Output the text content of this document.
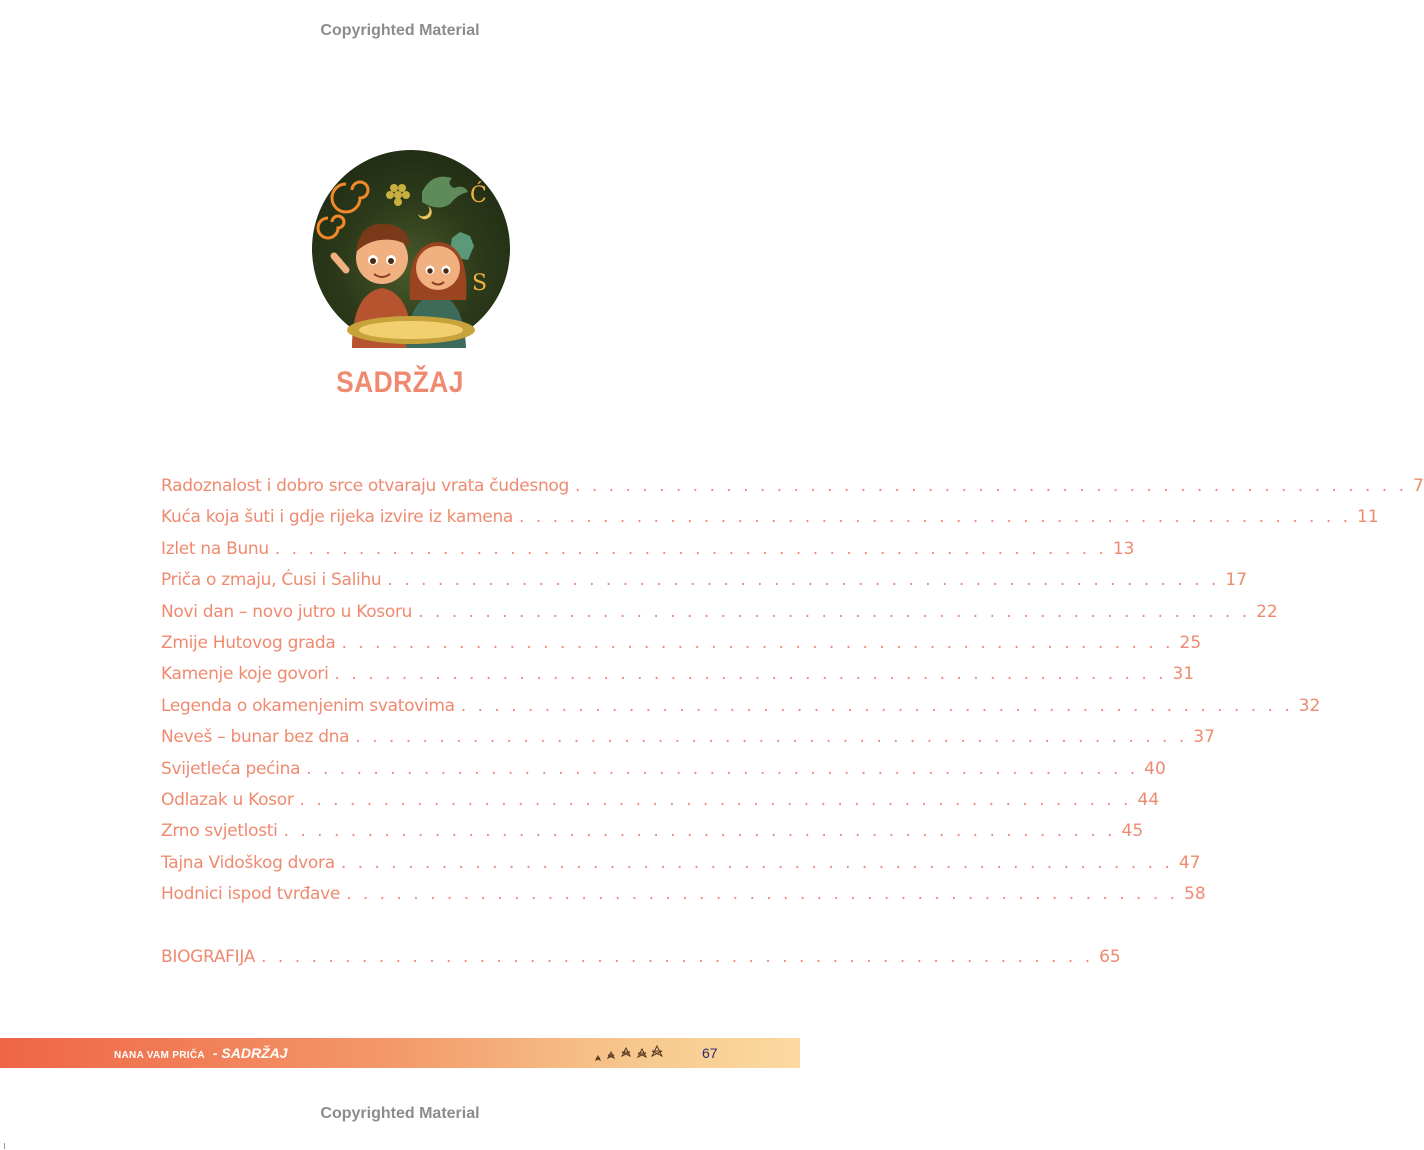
Copyrighted Material
Ć
S
SADRŽAJ
Radoznalost i dobro srce otvaraju vrata čudesnog . . . . . . . . . . . . . . . . . . . . . . . . . . . . . . . . . . . . . . . . . . . . . . . . . . 7
Kuća koja šuti i gdje rijeka izvire iz kamena . . . . . . . . . . . . . . . . . . . . . . . . . . . . . . . . . . . . . . . . . . . . . . . . . . 11
Izlet na Bunu . . . . . . . . . . . . . . . . . . . . . . . . . . . . . . . . . . . . . . . . . . . . . . . . . . 13
Priča o zmaju, Ćusi i Salihu . . . . . . . . . . . . . . . . . . . . . . . . . . . . . . . . . . . . . . . . . . . . . . . . . . 17
Novi dan – novo jutro u Kosoru . . . . . . . . . . . . . . . . . . . . . . . . . . . . . . . . . . . . . . . . . . . . . . . . . . 22
Zmije Hutovog grada . . . . . . . . . . . . . . . . . . . . . . . . . . . . . . . . . . . . . . . . . . . . . . . . . . 25
Kamenje koje govori . . . . . . . . . . . . . . . . . . . . . . . . . . . . . . . . . . . . . . . . . . . . . . . . . . 31
Legenda o okamenjenim svatovima . . . . . . . . . . . . . . . . . . . . . . . . . . . . . . . . . . . . . . . . . . . . . . . . . . 32
Neveš – bunar bez dna . . . . . . . . . . . . . . . . . . . . . . . . . . . . . . . . . . . . . . . . . . . . . . . . . . 37
Svijetleća pećina . . . . . . . . . . . . . . . . . . . . . . . . . . . . . . . . . . . . . . . . . . . . . . . . . . 40
Odlazak u Kosor . . . . . . . . . . . . . . . . . . . . . . . . . . . . . . . . . . . . . . . . . . . . . . . . . . 44
Zrno svjetlosti . . . . . . . . . . . . . . . . . . . . . . . . . . . . . . . . . . . . . . . . . . . . . . . . . . 45
Tajna Vidoškog dvora . . . . . . . . . . . . . . . . . . . . . . . . . . . . . . . . . . . . . . . . . . . . . . . . . . 47
Hodnici ispod tvrđave . . . . . . . . . . . . . . . . . . . . . . . . . . . . . . . . . . . . . . . . . . . . . . . . . . 58
BIOGRAFIJA . . . . . . . . . . . . . . . . . . . . . . . . . . . . . . . . . . . . . . . . . . . . . . . . . . 65
NANA VAM PRIČA - SADRŽAJ	67
Copyrighted Material
